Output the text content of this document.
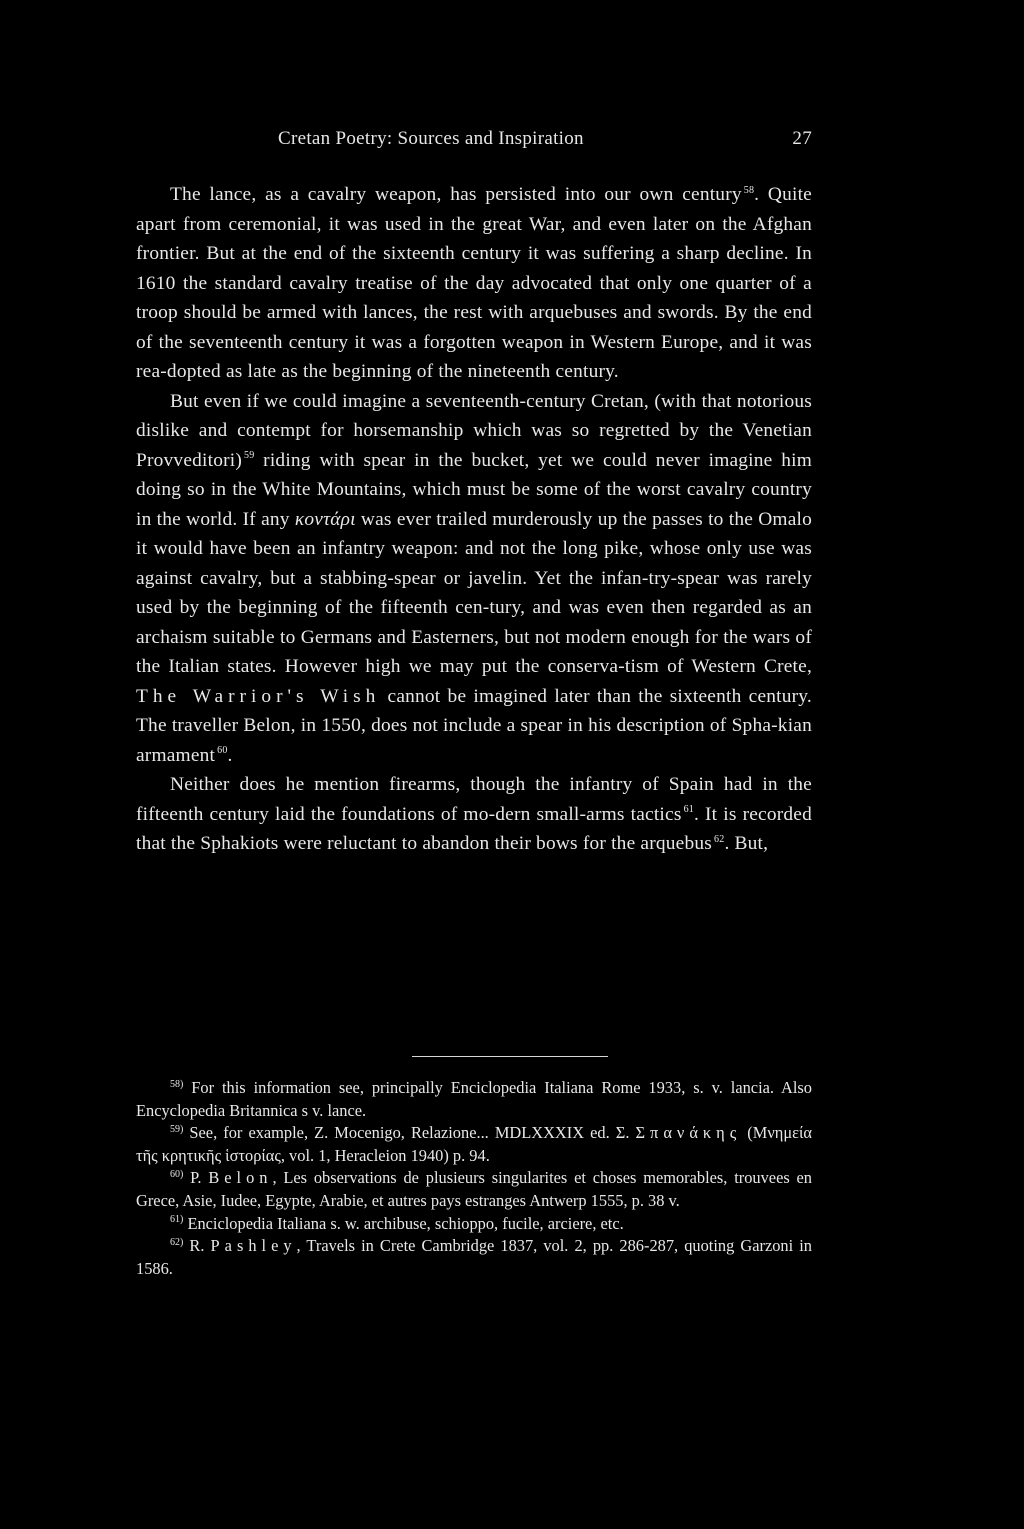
Cretan Poetry: Sources and Inspiration	27

The lance, as a cavalry weapon, has persisted into our own century $^{58}$. Quite apart from ceremonial, it was used in the great War, and even later on the Afghan frontier. But at the end of the sixteenth century it was suffering a sharp decline. In 1610 the standard cavalry treatise of the day advocated that only one quarter of a troop should be armed with lances, the rest with arquebuses and swords. By the end of the seventeenth century it was a forgotten weapon in Western Europe, and it was rea-dopted as late as the beginning of the nineteenth century.

But even if we could imagine a seventeenth-century Cretan, (with that notorious dislike and contempt for horsemanship which was so regretted by the Venetian Provveditori) $^{59}$ riding with spear in the bucket, yet we could never imagine him doing so in the White Mountains, which must be some of the worst cavalry country in the world. If any κοντάρι was ever trailed murderously up the passes to the Omalo it would have been an infantry weapon: and not the long pike, whose only use was against cavalry, but a stabbing-spear or javelin. Yet the infan-try-spear was rarely used by the beginning of the fifteenth cen-tury, and was even then regarded as an archaism suitable to Germans and Easterners, but not modern enough for the wars of the Italian states. However high we may put the conserva-tism of Western Crete, The Warrior's Wish cannot be imagined later than the sixteenth century. The traveller Belon, in 1550, does not include a spear in his description of Spha-kian armament $^{60}$.

Neither does he mention firearms, though the infantry of Spain had in the fifteenth century laid the foundations of mo-dern small-arms tactics $^{61}$. It is recorded that the Sphakiots were reluctant to abandon their bows for the arquebus $^{62}$. But,

$^{58)}$ For this information see, principally Enciclopedia Italiana Rome 1933, s. v. lancia. Also Encyclopedia Britannica s v. lance.

$^{59)}$ See, for example, Z. Mocenigo, Relazione... MDLXXXIX ed. Σ. Σπανάκης (Μνημεία τῆς κρητικῆς ἱστορίας, vol. 1, Heracleion 1940) p. 94.

$^{60)}$ P. Belon, Les observations de plusieurs singularites et choses memorables, trouvees en Grece, Asie, Iudee, Egypte, Arabie, et autres pays estranges Antwerp 1555, p. 38 v.

$^{61)}$ Enciclopedia Italiana s. w. archibuse, schioppo, fucile, arciere, etc.

$^{62)}$ R. Pashley, Travels in Crete Cambridge 1837, vol. 2, pp. 286-287, quoting Garzoni in 1586.
